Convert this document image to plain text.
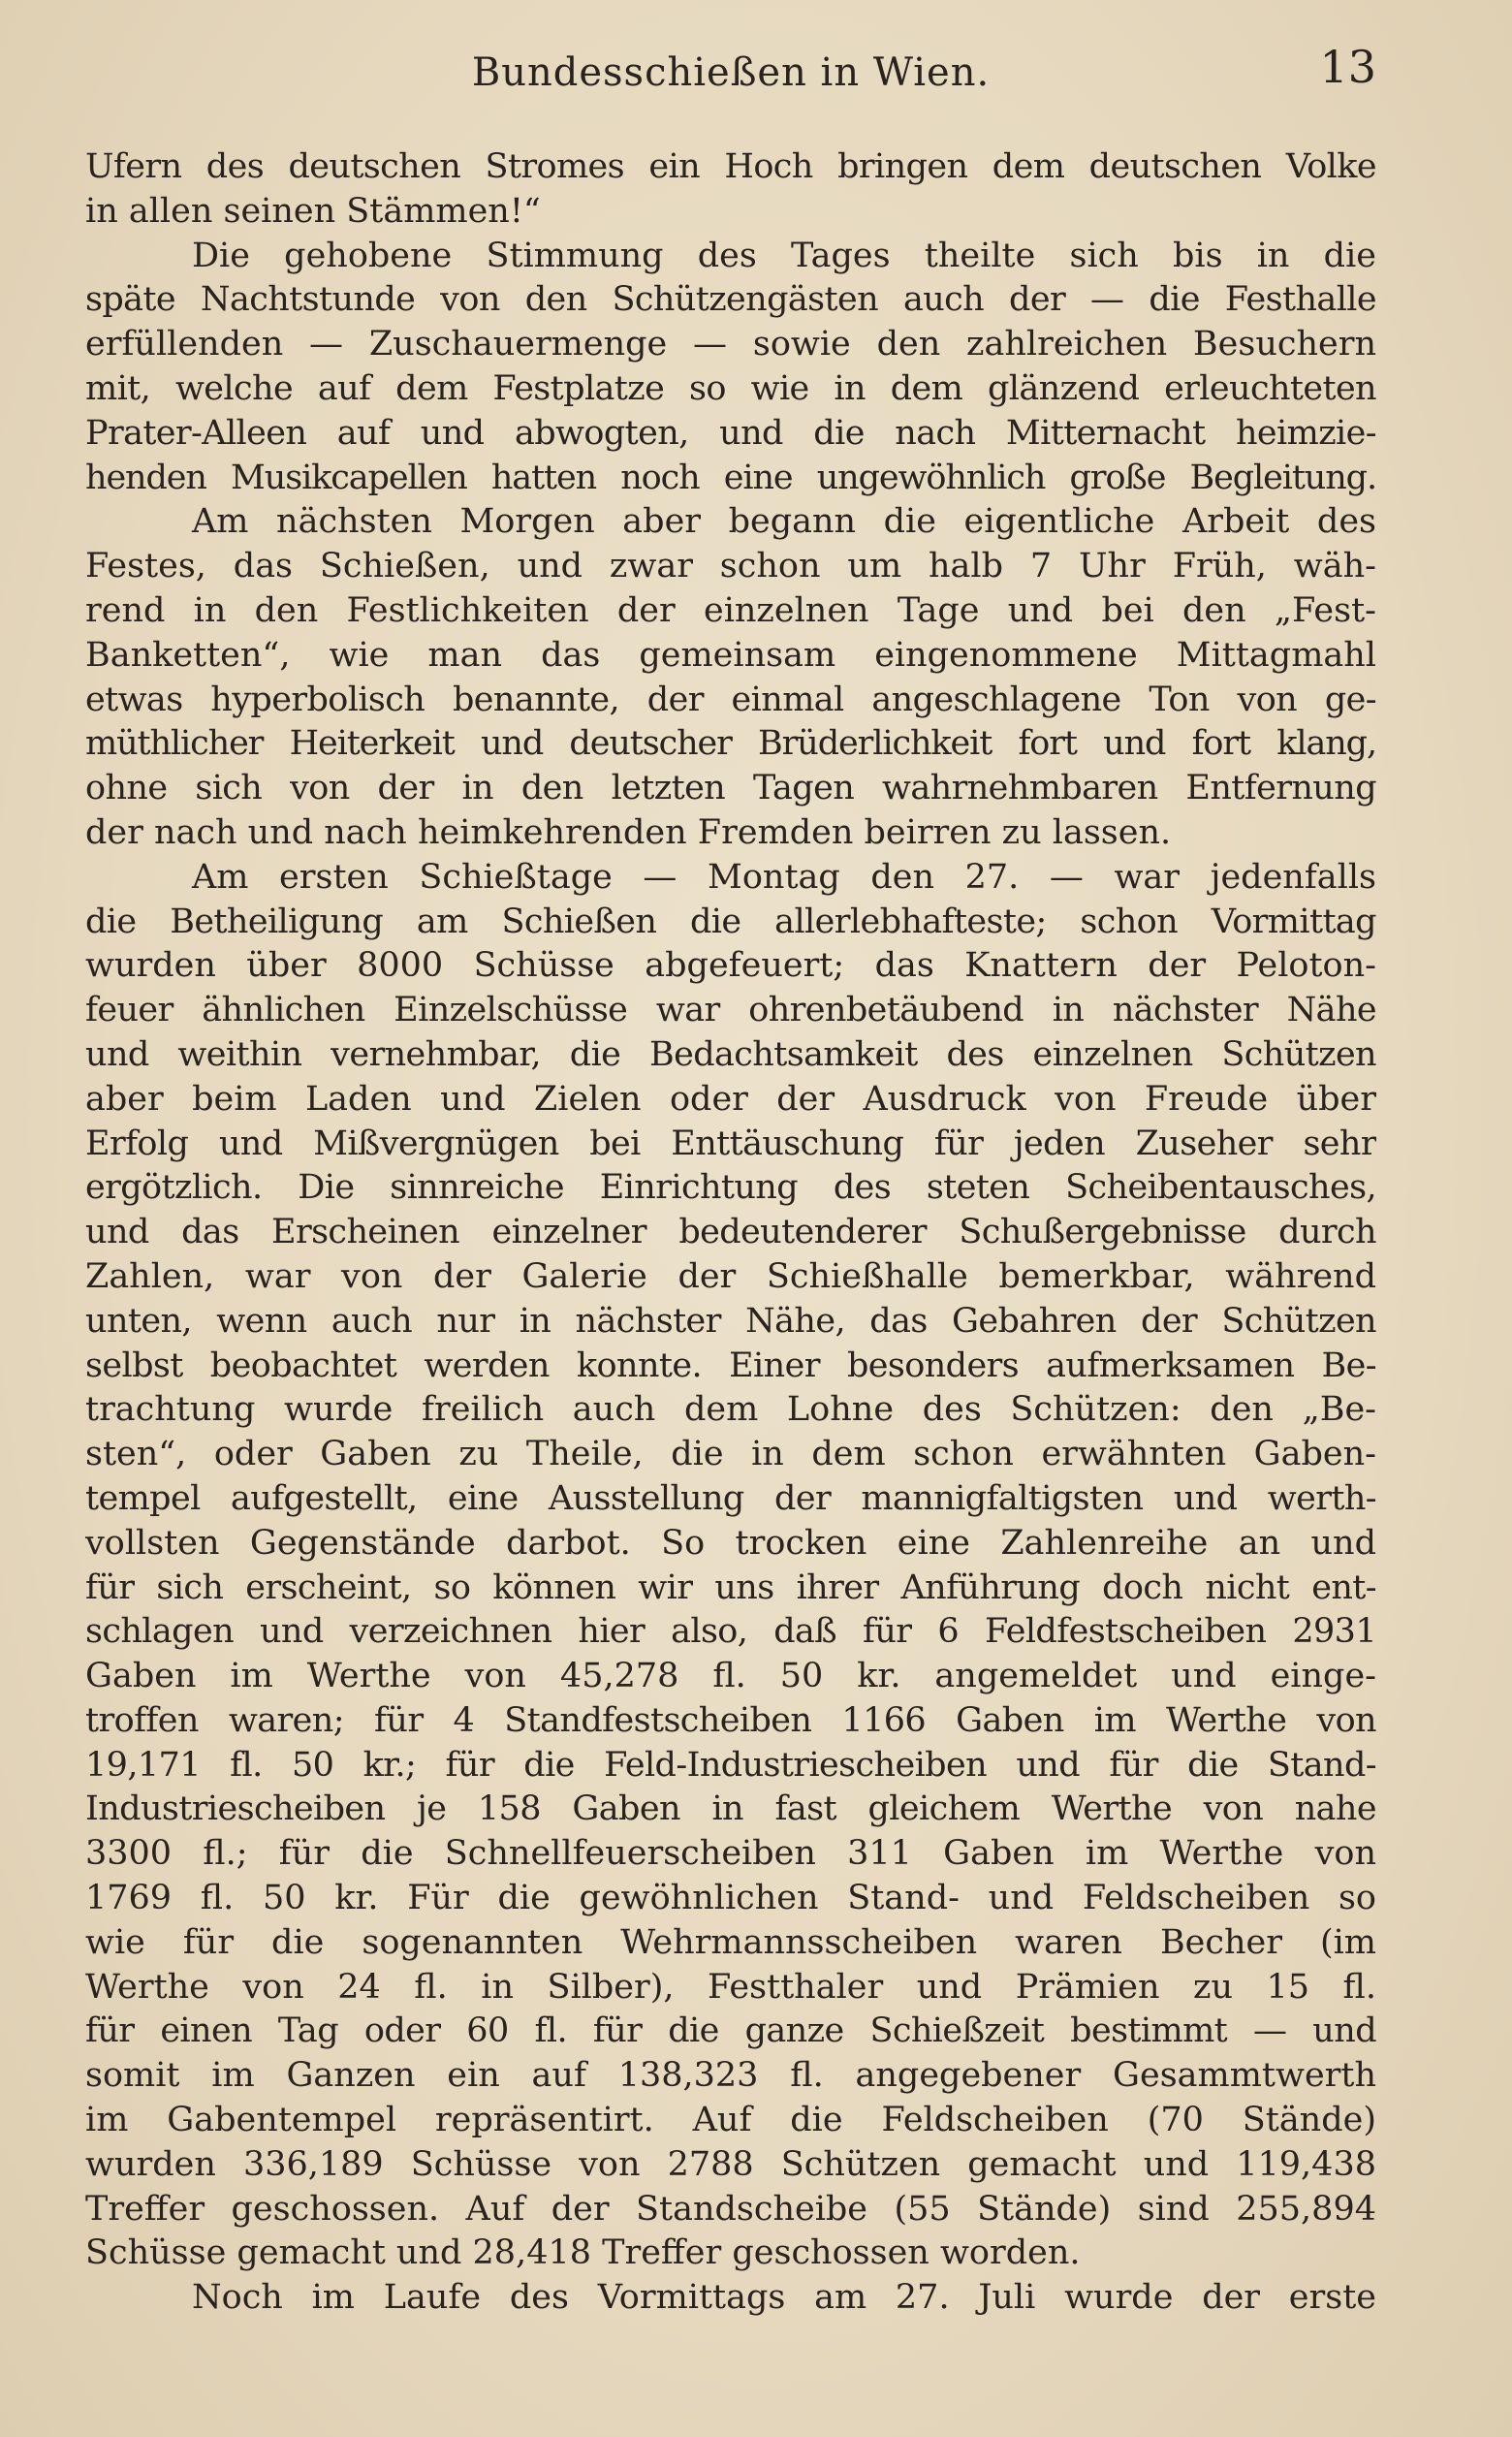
Bundesschießen in Wien.	13
Ufern des deutschen Stromes ein Hoch bringen dem deutschen Volke
in allen seinen Stämmen!“
Die gehobene Stimmung des Tages theilte sich bis in die
späte Nachtstunde von den Schützengästen auch der — die Festhalle
erfüllenden — Zuschauermenge — sowie den zahlreichen Besuchern
mit, welche auf dem Festplatze so wie in dem glänzend erleuchteten
Prater-Alleen auf und abwogten, und die nach Mitternacht heimzie-
henden Musikcapellen hatten noch eine ungewöhnlich große Begleitung.
Am nächsten Morgen aber begann die eigentliche Arbeit des
Festes, das Schießen, und zwar schon um halb 7 Uhr Früh, wäh-
rend in den Festlichkeiten der einzelnen Tage und bei den „Fest-
Banketten“, wie man das gemeinsam eingenommene Mittagmahl
etwas hyperbolisch benannte, der einmal angeschlagene Ton von ge-
müthlicher Heiterkeit und deutscher Brüderlichkeit fort und fort klang,
ohne sich von der in den letzten Tagen wahrnehmbaren Entfernung
der nach und nach heimkehrenden Fremden beirren zu lassen.
Am ersten Schießtage — Montag den 27. — war jedenfalls
die Betheiligung am Schießen die allerlebhafteste; schon Vormittag
wurden über 8000 Schüsse abgefeuert; das Knattern der Peloton-
feuer ähnlichen Einzelschüsse war ohrenbetäubend in nächster Nähe
und weithin vernehmbar, die Bedachtsamkeit des einzelnen Schützen
aber beim Laden und Zielen oder der Ausdruck von Freude über
Erfolg und Mißvergnügen bei Enttäuschung für jeden Zuseher sehr
ergötzlich. Die sinnreiche Einrichtung des steten Scheibentausches,
und das Erscheinen einzelner bedeutenderer Schußergebnisse durch
Zahlen, war von der Galerie der Schießhalle bemerkbar, während
unten, wenn auch nur in nächster Nähe, das Gebahren der Schützen
selbst beobachtet werden konnte. Einer besonders aufmerksamen Be-
trachtung wurde freilich auch dem Lohne des Schützen: den „Be-
sten“, oder Gaben zu Theile, die in dem schon erwähnten Gaben-
tempel aufgestellt, eine Ausstellung der mannigfaltigsten und werth-
vollsten Gegenstände darbot. So trocken eine Zahlenreihe an und
für sich erscheint, so können wir uns ihrer Anführung doch nicht ent-
schlagen und verzeichnen hier also, daß für 6 Feldfestscheiben 2931
Gaben im Werthe von 45,278 fl. 50 kr. angemeldet und einge-
troffen waren; für 4 Standfestscheiben 1166 Gaben im Werthe von
19,171 fl. 50 kr.; für die Feld-Industriescheiben und für die Stand-
Industriescheiben je 158 Gaben in fast gleichem Werthe von nahe
3300 fl.; für die Schnellfeuerscheiben 311 Gaben im Werthe von
1769 fl. 50 kr. Für die gewöhnlichen Stand- und Feldscheiben so
wie für die sogenannten Wehrmannsscheiben waren Becher (im
Werthe von 24 fl. in Silber), Festthaler und Prämien zu 15 fl.
für einen Tag oder 60 fl. für die ganze Schießzeit bestimmt — und
somit im Ganzen ein auf 138,323 fl. angegebener Gesammtwerth
im Gabentempel repräsentirt. Auf die Feldscheiben (70 Stände)
wurden 336,189 Schüsse von 2788 Schützen gemacht und 119,438
Treffer geschossen. Auf der Standscheibe (55 Stände) sind 255,894
Schüsse gemacht und 28,418 Treffer geschossen worden.
Noch im Laufe des Vormittags am 27. Juli wurde der erste
